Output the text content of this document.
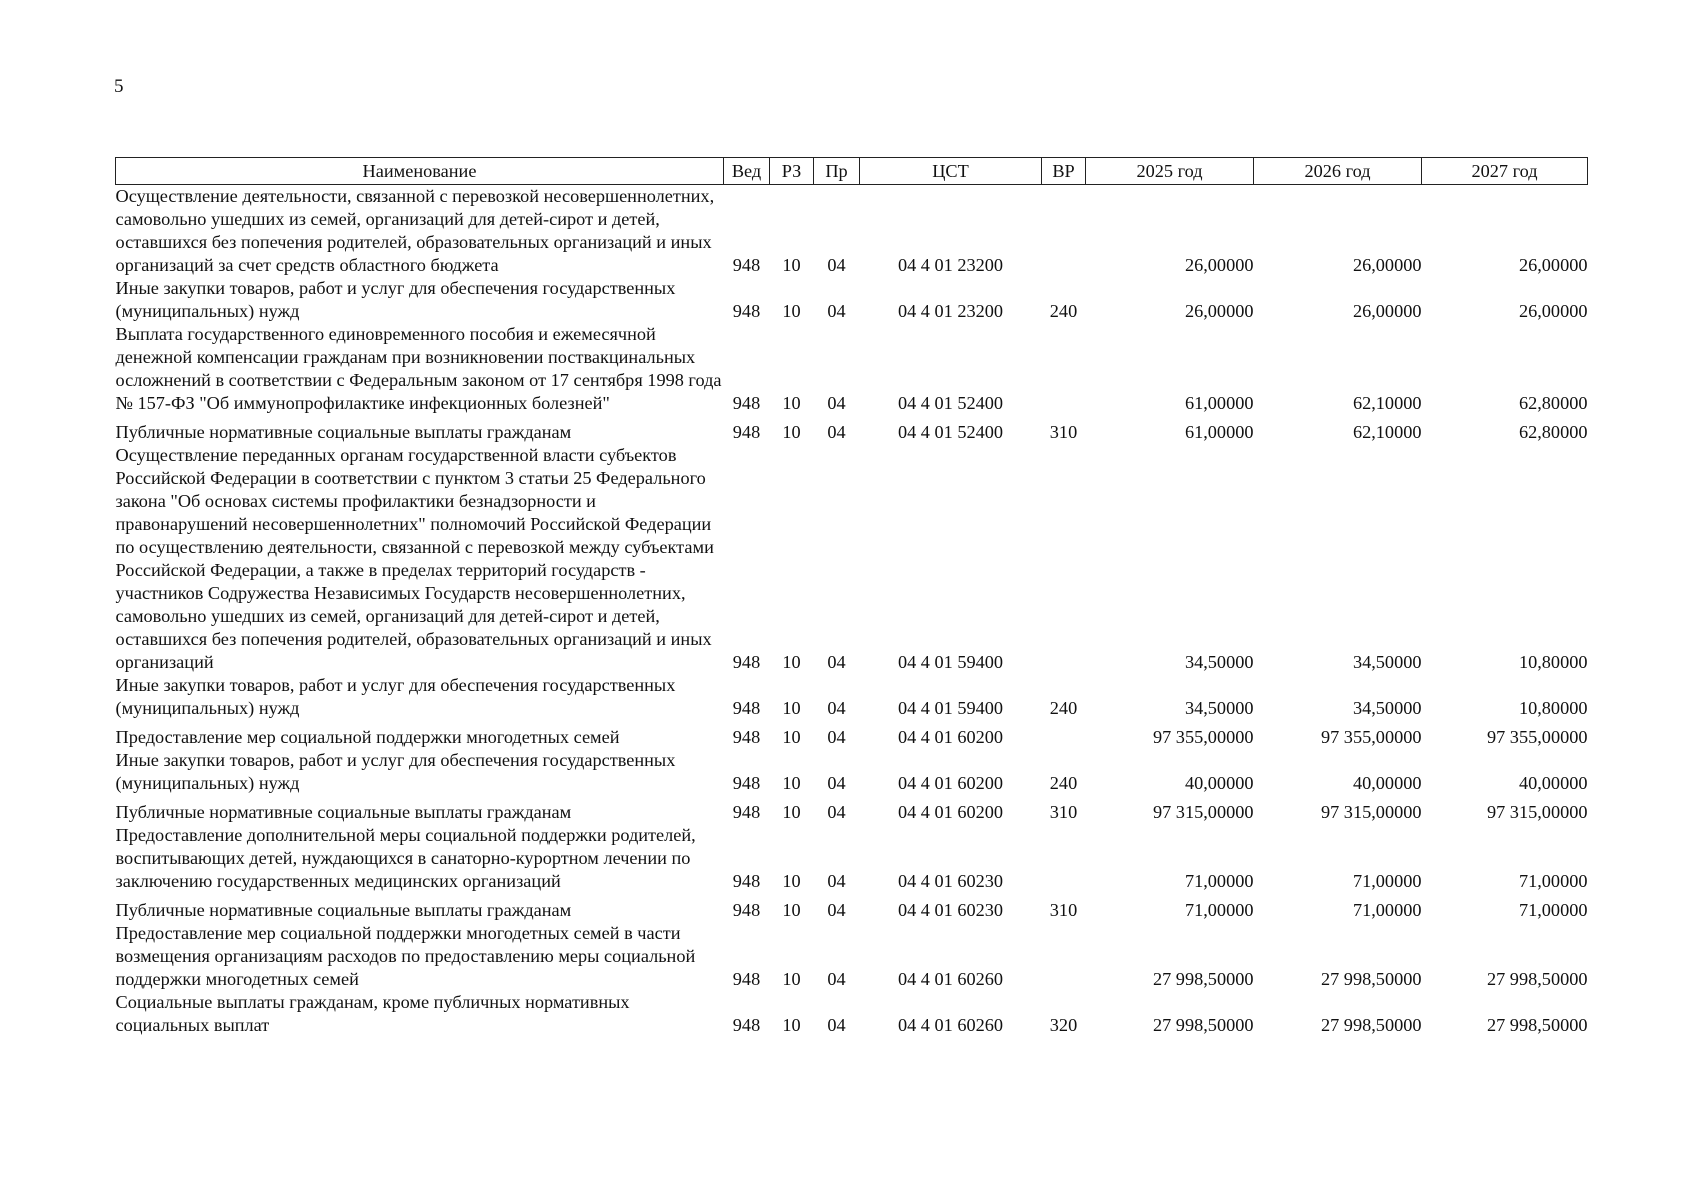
5
Наименование	Вед	РЗ	Пр	ЦСТ	ВР	2025 год	2026 год	2027 год
Осуществление деятельности, связанной с перевозкой несовершеннолетних, самовольно ушедших из семей, организаций для детей-сирот и детей, оставшихся без попечения родителей, образовательных организаций и иных организаций за счет средств областного бюджета	948	10	04	04 4 01 23200		26,00000	26,00000	26,00000
Иные закупки товаров, работ и услуг для обеспечения государственных (муниципальных) нужд	948	10	04	04 4 01 23200	240	26,00000	26,00000	26,00000
Выплата государственного единовременного пособия и ежемесячной денежной компенсации гражданам при возникновении поствакцинальных осложнений в соответствии с Федеральным законом от 17 сентября 1998 года № 157-ФЗ "Об иммунопрофилактике инфекционных болезней"	948	10	04	04 4 01 52400		61,00000	62,10000	62,80000
Публичные нормативные социальные выплаты гражданам	948	10	04	04 4 01 52400	310	61,00000	62,10000	62,80000
Осуществление переданных органам государственной власти субъектов Российской Федерации в соответствии с пунктом 3 статьи 25 Федерального закона "Об основах системы профилактики безнадзорности и правонарушений несовершеннолетних" полномочий Российской Федерации по осуществлению деятельности, связанной с перевозкой между субъектами Российской Федерации, а также в пределах территорий государств - участников Содружества Независимых Государств несовершеннолетних, самовольно ушедших из семей, организаций для детей-сирот и детей, оставшихся без попечения родителей, образовательных организаций и иных организаций	948	10	04	04 4 01 59400		34,50000	34,50000	10,80000
Иные закупки товаров, работ и услуг для обеспечения государственных (муниципальных) нужд	948	10	04	04 4 01 59400	240	34,50000	34,50000	10,80000
Предоставление мер социальной поддержки многодетных семей	948	10	04	04 4 01 60200		97 355,00000	97 355,00000	97 355,00000
Иные закупки товаров, работ и услуг для обеспечения государственных (муниципальных) нужд	948	10	04	04 4 01 60200	240	40,00000	40,00000	40,00000
Публичные нормативные социальные выплаты гражданам	948	10	04	04 4 01 60200	310	97 315,00000	97 315,00000	97 315,00000
Предоставление дополнительной меры социальной поддержки родителей, воспитывающих детей, нуждающихся в санаторно-курортном лечении по заключению государственных медицинских организаций	948	10	04	04 4 01 60230		71,00000	71,00000	71,00000
Публичные нормативные социальные выплаты гражданам	948	10	04	04 4 01 60230	310	71,00000	71,00000	71,00000
Предоставление мер социальной поддержки многодетных семей в части возмещения организациям расходов по предоставлению меры социальной поддержки многодетных семей	948	10	04	04 4 01 60260		27 998,50000	27 998,50000	27 998,50000
Социальные выплаты гражданам, кроме публичных нормативных социальных выплат	948	10	04	04 4 01 60260	320	27 998,50000	27 998,50000	27 998,50000
